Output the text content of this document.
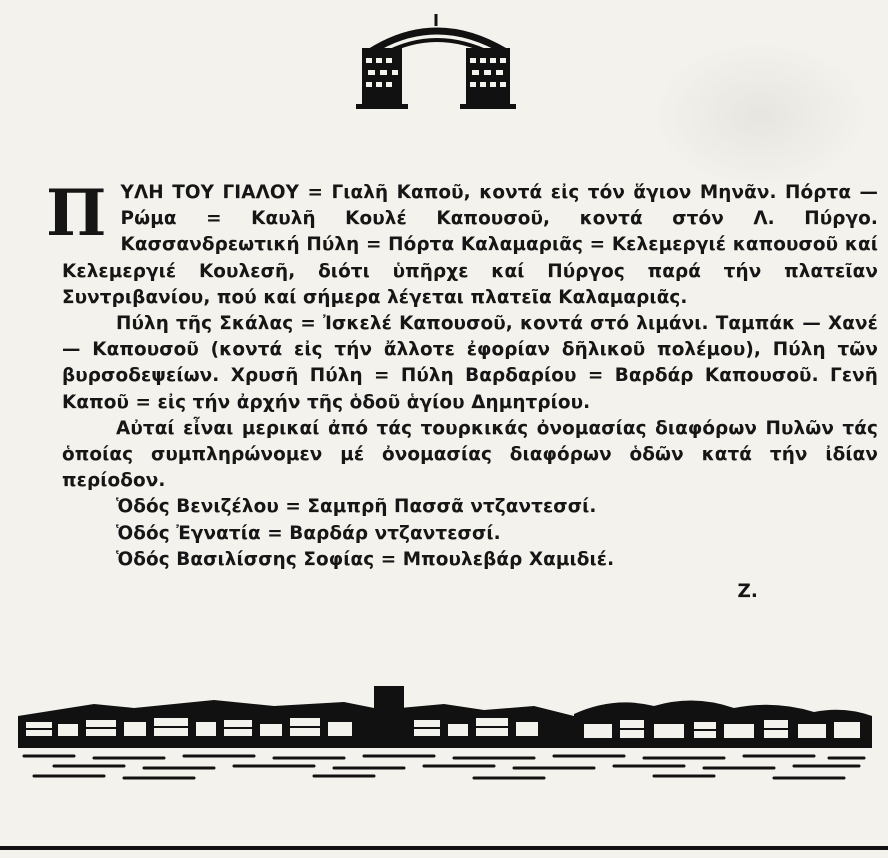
Π ΥΛΗ ΤΟΥ ΓΙΑΛΟΥ = Γιαλῆ Καποῦ, κοντά εἰς τόν ἅγιον Μηνᾶν. Πόρτα — Ρώμα = Καυλῆ Κουλέ Καπουσοῦ, κοντά στόν Λ. Πύργο. Κασσανδρεωτική Πύλη = Πόρτα Καλαμαριᾶς = Κελεμεργιέ καπουσοῦ καί Κελεμεργιέ Κουλεσῆ, διότι ὑπῆρχε καί Πύργος παρά τήν πλατεῖαν Συντριβανίου, πού καί σήμερα λέγεται πλατεῖα Καλαμαριᾶς.

Πύλη τῆς Σκάλας = Ἰσκελέ Καπουσοῦ, κοντά στό λιμάνι. Ταμπάκ — Χανέ — Καπουσοῦ (κοντά εἰς τήν ἄλλοτε ἐφορίαν δῆλικοῦ πολέμου), Πύλη τῶν βυρσοδεψείων. Χρυσῆ Πύλη = Πύλη Βαρδαρίου = Βαρδάρ Καπουσοῦ. Γενῆ Καποῦ = εἰς τήν ἀρχήν τῆς ὁδοῦ ἁγίου Δημητρίου.

Αὐταί εἶναι μερικαί ἀπό τάς τουρκικάς ὀνομασίας διαφόρων Πυλῶν τάς ὁποίας συμπληρώνομεν μέ ὀνομασίας διαφόρων ὁδῶν κατά τήν ἰδίαν περίοδον.

Ὁδός Βενιζέλου = Σαμπρῆ Πασσᾶ ντζαντεσσί.
Ὁδός Ἐγνατία = Βαρδάρ ντζαντεσσί.
Ὁδός Βασιλίσσης Σοφίας = Μπουλεβάρ Χαμιδιέ.
Ζ.
